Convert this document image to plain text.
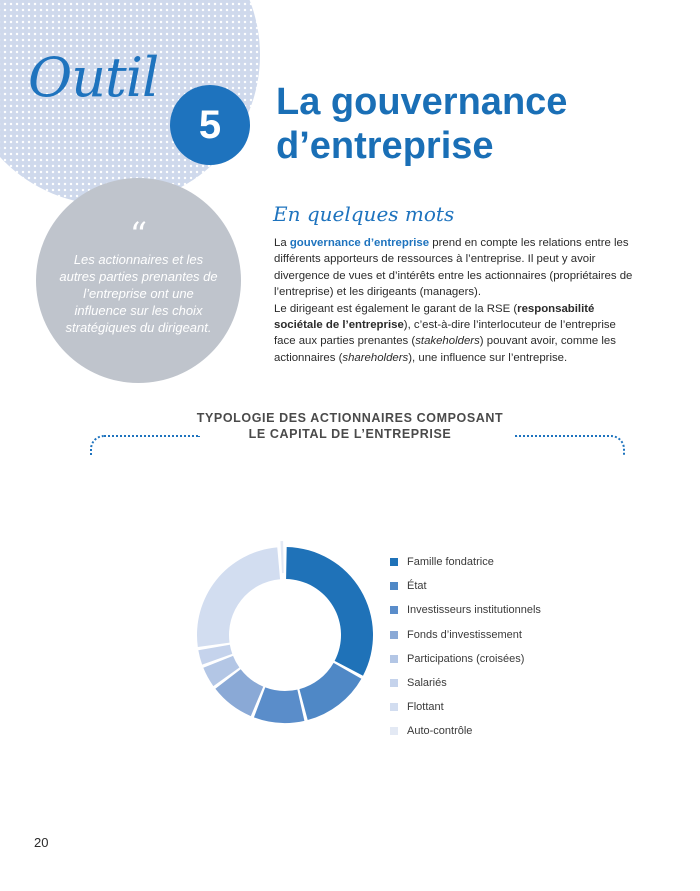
Outil
5
La gouvernance
d’entreprise
“
Les actionnaires et les autres parties prenantes de l’entreprise ont une influence sur les choix stratégiques du dirigeant.
En quelques mots

La gouvernance d’entreprise prend en compte les relations entre les différents apporteurs de ressources à l’entreprise. Il peut y avoir divergence de vues et d’intérêts entre les actionnaires (propriétaires de l’entreprise) et les dirigeants (managers).

Le dirigeant est également le garant de la RSE (responsabilité sociétale de l’entreprise), c’est-à-dire l’interlocuteur de l’entreprise face aux parties prenantes (stakeholders) pouvant avoir, comme les actionnaires (shareholders), une influence sur l’entreprise.

TYPOLOGIE DES ACTIONNAIRES COMPOSANT
LE CAPITAL DE L’ENTREPRISE
Famille fondatrice
État
Investisseurs institutionnels
Fonds d’investissement
Participations (croisées)
Salariés
Flottant
Auto-contrôle
20
